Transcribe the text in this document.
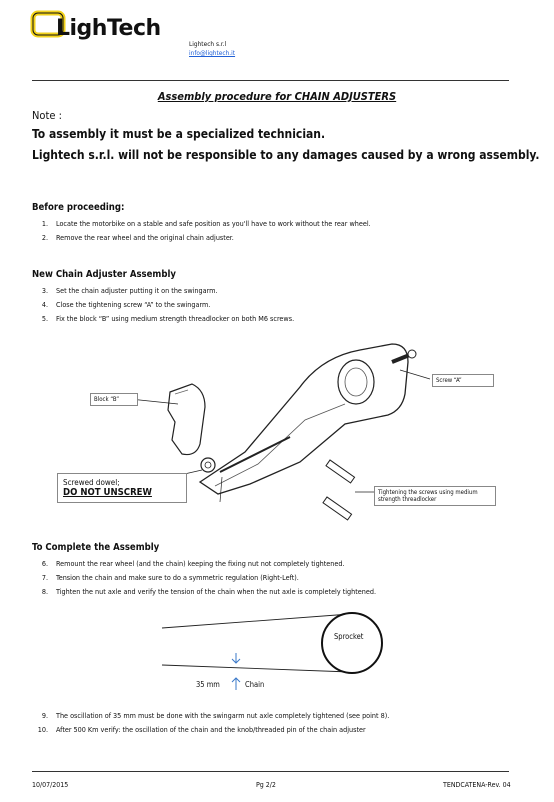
LighTech
Lightech s.r.l
info@lightech.it
Assembly procedure for CHAIN ADJUSTERS
Note :
To assembly it must be a specialized technician.
Lightech s.r.l. will not be responsible to any damages caused by a wrong assembly.
Before proceeding:
1. Locate the motorbike on a stable and safe position as you'll have to work without the rear wheel.
2. Remove the rear wheel and the original chain adjuster.
New Chain Adjuster Assembly
3. Set the chain adjuster putting it on the swingarm.
4. Close the tightening screw “A” to the swingarm.
5. Fix the block “B” using medium strength threadlocker on both M6 screws.
Block “B”
Screw “A”
Screwed dowel;
DO NOT UNSCREW	Tightening the screws using medium
strength threadlocker
To Complete the Assembly
6. Remount the rear wheel (and the chain) keeping the fixing nut not completely tightened.
7. Tension the chain and make sure to do a symmetric regulation (Right-Left).
8. Tighten the nut axle and verify the tension of the chain when the nut axle is completely tightened.
Sprocket
35 mm	Chain
9. The oscillation of 35 mm must be done with the swingarm nut axle completely tightened (see point 8).
10. After 500 Km verify: the oscillation of the chain and the knob/threaded pin of the chain adjuster
10/07/2015	Pg 2/2	TENDCATENA-Rev. 04
